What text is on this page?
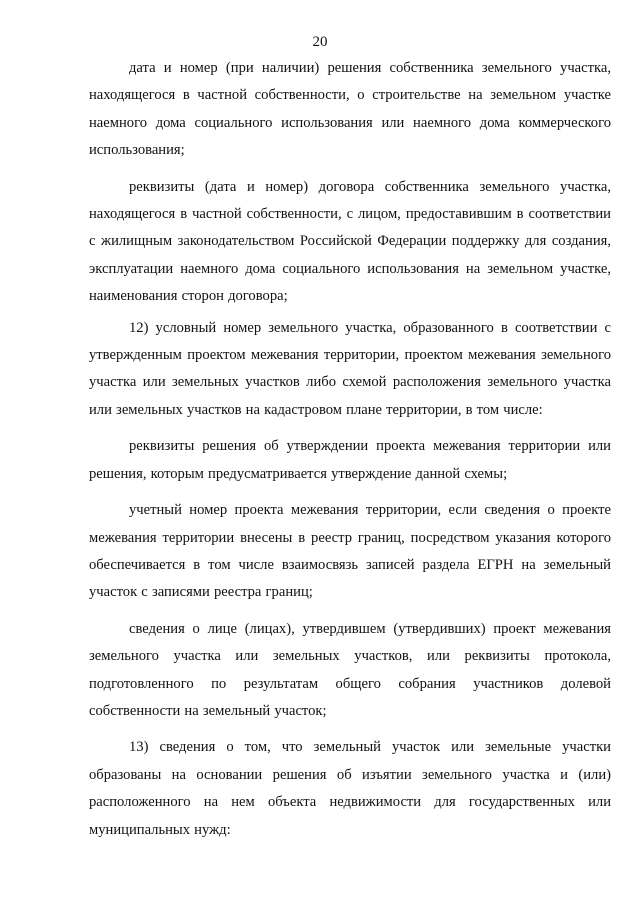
20

дата и номер (при наличии) решения собственника земельного участка, находящегося в частной собственности, о строительстве на земельном участке наемного дома социального использования или наемного дома коммерческого использования;

реквизиты (дата и номер) договора собственника земельного участка, находящегося в частной собственности, с лицом, предоставившим в соответствии с жилищным законодательством Российской Федерации поддержку для создания, эксплуатации наемного дома социального использования на земельном участке, наименования сторон договора;

12) условный номер земельного участка, образованного в соответствии с утвержденным проектом межевания территории, проектом межевания земельного участка или земельных участков либо схемой расположения земельного участка или земельных участков на кадастровом плане территории, в том числе:

реквизиты решения об утверждении проекта межевания территории или решения, которым предусматривается утверждение данной схемы;

учетный номер проекта межевания территории, если сведения о проекте межевания территории внесены в реестр границ, посредством указания которого обеспечивается в том числе взаимосвязь записей раздела ЕГРН на земельный участок с записями реестра границ;

сведения о лице (лицах), утвердившем (утвердивших) проект межевания земельного участка или земельных участков, или реквизиты протокола, подготовленного по результатам общего собрания участников долевой собственности на земельный участок;

13) сведения о том, что земельный участок или земельные участки образованы на основании решения об изъятии земельного участка и (или) расположенного на нем объекта недвижимости для государственных или муниципальных нужд:
